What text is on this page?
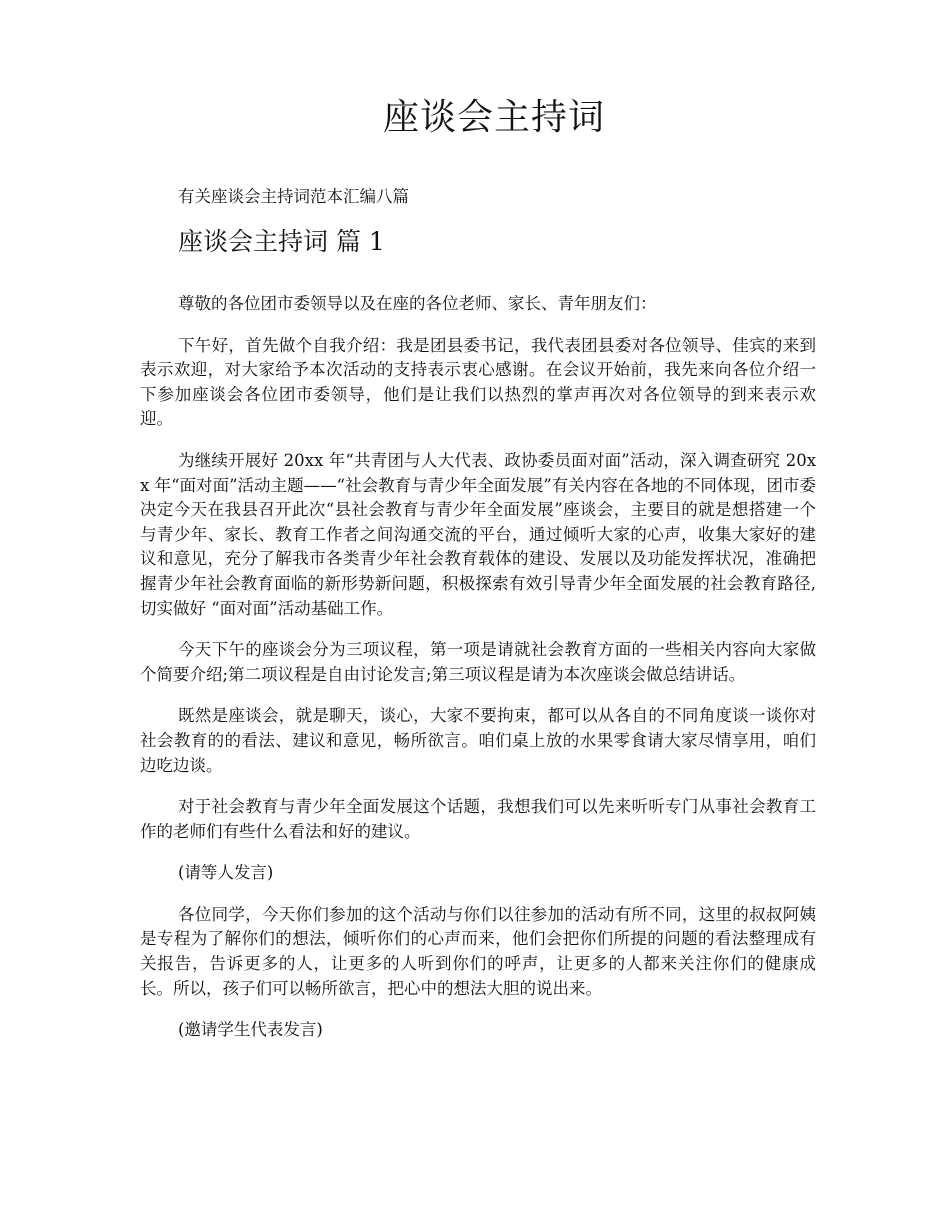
座谈会主持词

有关座谈会主持词范本汇编八篇

座谈会主持词 篇 1

尊敬的各位团市委领导以及在座的各位老师、家长、青年朋友们：

下午好，首先做个自我介绍：我是团县委书记，我代表团县委对各位领导、佳宾的来到表示欢迎，对大家给予本次活动的支持表示衷心感谢。在会议开始前，我先来向各位介绍一下参加座谈会各位团市委领导，他们是让我们以热烈的掌声再次对各位领导的到来表示欢迎。

为继续开展好 20xx 年“共青团与人大代表、政协委员面对面”活动，深入调查研究 20xx 年“面对面”活动主题——“社会教育与青少年全面发展”有关内容在各地的不同体现，团市委决定今天在我县召开此次“县社会教育与青少年全面发展”座谈会，主要目的就是想搭建一个与青少年、家长、教育工作者之间沟通交流的平台，通过倾听大家的心声，收集大家好的建议和意见，充分了解我市各类青少年社会教育载体的建设、发展以及功能发挥状况，准确把握青少年社会教育面临的新形势新问题，积极探索有效引导青少年全面发展的社会教育路径,切实做好 “面对面”活动基础工作。

今天下午的座谈会分为三项议程，第一项是请就社会教育方面的一些相关内容向大家做个简要介绍;第二项议程是自由讨论发言;第三项议程是请为本次座谈会做总结讲话。

既然是座谈会，就是聊天，谈心，大家不要拘束，都可以从各自的不同角度谈一谈你对社会教育的的看法、建议和意见，畅所欲言。咱们桌上放的水果零食请大家尽情享用，咱们边吃边谈。

对于社会教育与青少年全面发展这个话题，我想我们可以先来听听专门从事社会教育工作的老师们有些什么看法和好的建议。

(请等人发言)

各位同学，今天你们参加的这个活动与你们以往参加的活动有所不同，这里的叔叔阿姨是专程为了解你们的想法，倾听你们的心声而来，他们会把你们所提的问题的看法整理成有关报告，告诉更多的人，让更多的人听到你们的呼声，让更多的人都来关注你们的健康成长。所以，孩子们可以畅所欲言，把心中的想法大胆的说出来。

(邀请学生代表发言)
